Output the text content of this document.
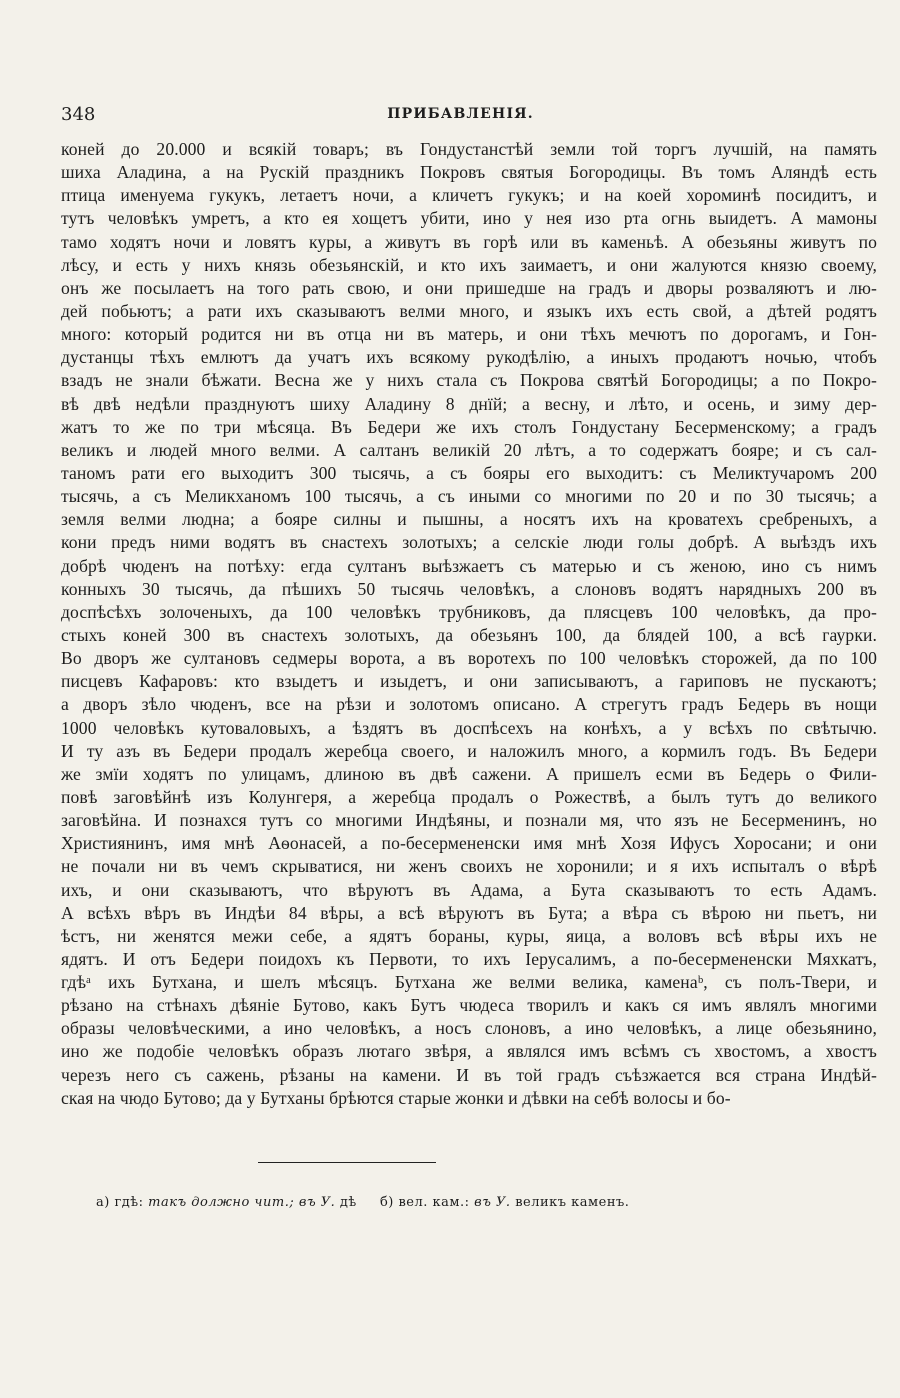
348	ПРИБАВЛЕНІЯ.
коней до 20.000 и всякій товаръ; въ Гондустанстѣй земли той торгъ лучшій, на память
шиха Аладина, а на Рускій праздникъ Покровъ святыя Богородицы. Въ томъ Аляндѣ есть
птица именуема гукукъ, летаетъ ночи, а кличетъ гукукъ; и на коей хороминѣ посидитъ, и
тутъ человѣкъ умретъ, а кто ея хощетъ убити, ино у нея изо рта огнь выидетъ. А мамоны
тамо ходятъ ночи и ловятъ куры, а живутъ въ горѣ или въ каменьѣ. А обезьяны живутъ по
лѣсу, и есть у нихъ князь обезьянскій, и кто ихъ заимаетъ, и они жалуются князю своему,
онъ же посылаетъ на того рать свою, и они пришедше на градъ и дворы розваляютъ и лю-
дей побьютъ; а рати ихъ сказываютъ велми много, и языкъ ихъ есть свой, а дѣтей родятъ
много: который родится ни въ отца ни въ матерь, и они тѣхъ мечютъ по дорогамъ, и Гон-
дустанцы тѣхъ емлютъ да учатъ ихъ всякому рукодѣлію, а иныхъ продаютъ ночью, чтобъ
взадъ не знали бѣжати. Весна же у нихъ стала съ Покрова святѣй Богородицы; а по Покро-
вѣ двѣ недѣли празднуютъ шиху Аладину 8 днїй; а весну, и лѣто, и осень, и зиму дер-
жатъ то же по три мѣсяца. Въ Бедери же ихъ столъ Гондустану Бесерменскому; а градъ
великъ и людей много велми. А салтанъ великій 20 лѣтъ, а то содержатъ бояре; и съ сал-
таномъ рати его выходитъ 300 тысячь, а съ бояры его выходитъ: съ Меликтучаромъ 200
тысячь, а съ Меликханомъ 100 тысячь, а съ иными со многими по 20 и по 30 тысячь; а
земля велми людна; а бояре силны и пышны, а носятъ ихъ на кроватехъ сребреныхъ, а
кони предъ ними водятъ въ снастехъ золотыхъ; а селскіе люди голы добрѣ. А выѣздъ ихъ
добрѣ чюденъ на потѣху: егда султанъ выѣзжаетъ съ матерью и съ женою, ино съ нимъ
конныхъ 30 тысячь, да пѣшихъ 50 тысячь человѣкъ, а слоновъ водятъ нарядныхъ 200 въ
доспѣсѣхъ золоченыхъ, да 100 человѣкъ трубниковъ, да плясцевъ 100 человѣкъ, да про-
стыхъ коней 300 въ снастехъ золотыхъ, да обезьянъ 100, да блядей 100, а всѣ гаурки.
Во дворъ же султановъ седмеры ворота, а въ воротехъ по 100 человѣкъ сторожей, да по 100
писцевъ Кафаровъ: кто взыдетъ и изыдетъ, и они записываютъ, а гариповъ не пускаютъ;
а дворъ зѣло чюденъ, все на рѣзи и золотомъ описано. А стрегутъ градъ Бедерь въ нощи
1000 человѣкъ кутоваловыхъ, а ѣздятъ въ доспѣсехъ на конѣхъ, а у всѣхъ по свѣтычю.
И ту азъ въ Бедери продалъ жеребца своего, и наложилъ много, а кормилъ годъ. Въ Бедери
же змїи ходятъ по улицамъ, длиною въ двѣ сажени. А пришелъ есми въ Бедерь о Фили-
повѣ заговѣйнѣ изъ Колунгеря, а жеребца продалъ о Рожествѣ, а былъ тутъ до великого
заговѣйна. И познахся тутъ со многими Индѣяны, и познали мя, что язъ не Бесерменинъ, но
Християнинъ, имя мнѣ Аѳонасей, а по-бесермененски имя мнѣ Хозя Ифусъ Хоросани; и они
не почали ни въ чемъ скрыватися, ни женъ своихъ не хоронили; и я ихъ испыталъ о вѣрѣ
ихъ, и они сказываютъ, что вѣруютъ въ Адама, а Бута сказываютъ то есть Адамъ.
А всѣхъ вѣръ въ Индѣи 84 вѣры, а всѣ вѣруютъ въ Бута; а вѣра съ вѣрою ни пьетъ, ни
ѣстъ, ни женятся межи себе, а ядятъ бораны, куры, яица, а воловъ всѣ вѣры ихъ не
ядятъ. И отъ Бедери поидохъ къ Первоти, то ихъ Іерусалимъ, а по-бесермененски Мяхкатъ,
гдѣᵃ ихъ Бутхана, и шелъ мѣсяцъ. Бутхана же велми велика, каменаᵇ, съ полъ-Твери, и
рѣзано на стѣнахъ дѣяніе Бутово, какъ Бутъ чюдеса творилъ и какъ ся имъ являлъ многими
образы человѣческими, а ино человѣкъ, а носъ слоновъ, а ино человѣкъ, а лице обезьянино,
ино же подобіе человѣкъ образъ лютаго звѣря, а являлся имъ всѣмъ съ хвостомъ, а хвостъ
черезъ него съ сажень, рѣзаны на камени. И въ той градъ съѣзжается вся страна Индѣй-
ская на чюдо Бутово; да у Бутханы брѣются старые жонки и дѣвки на себѣ волосы и бо-
а) гдѣ: такъ должно чит.; въ У. дѣ б) вел. кам.: въ У. великъ каменъ.
